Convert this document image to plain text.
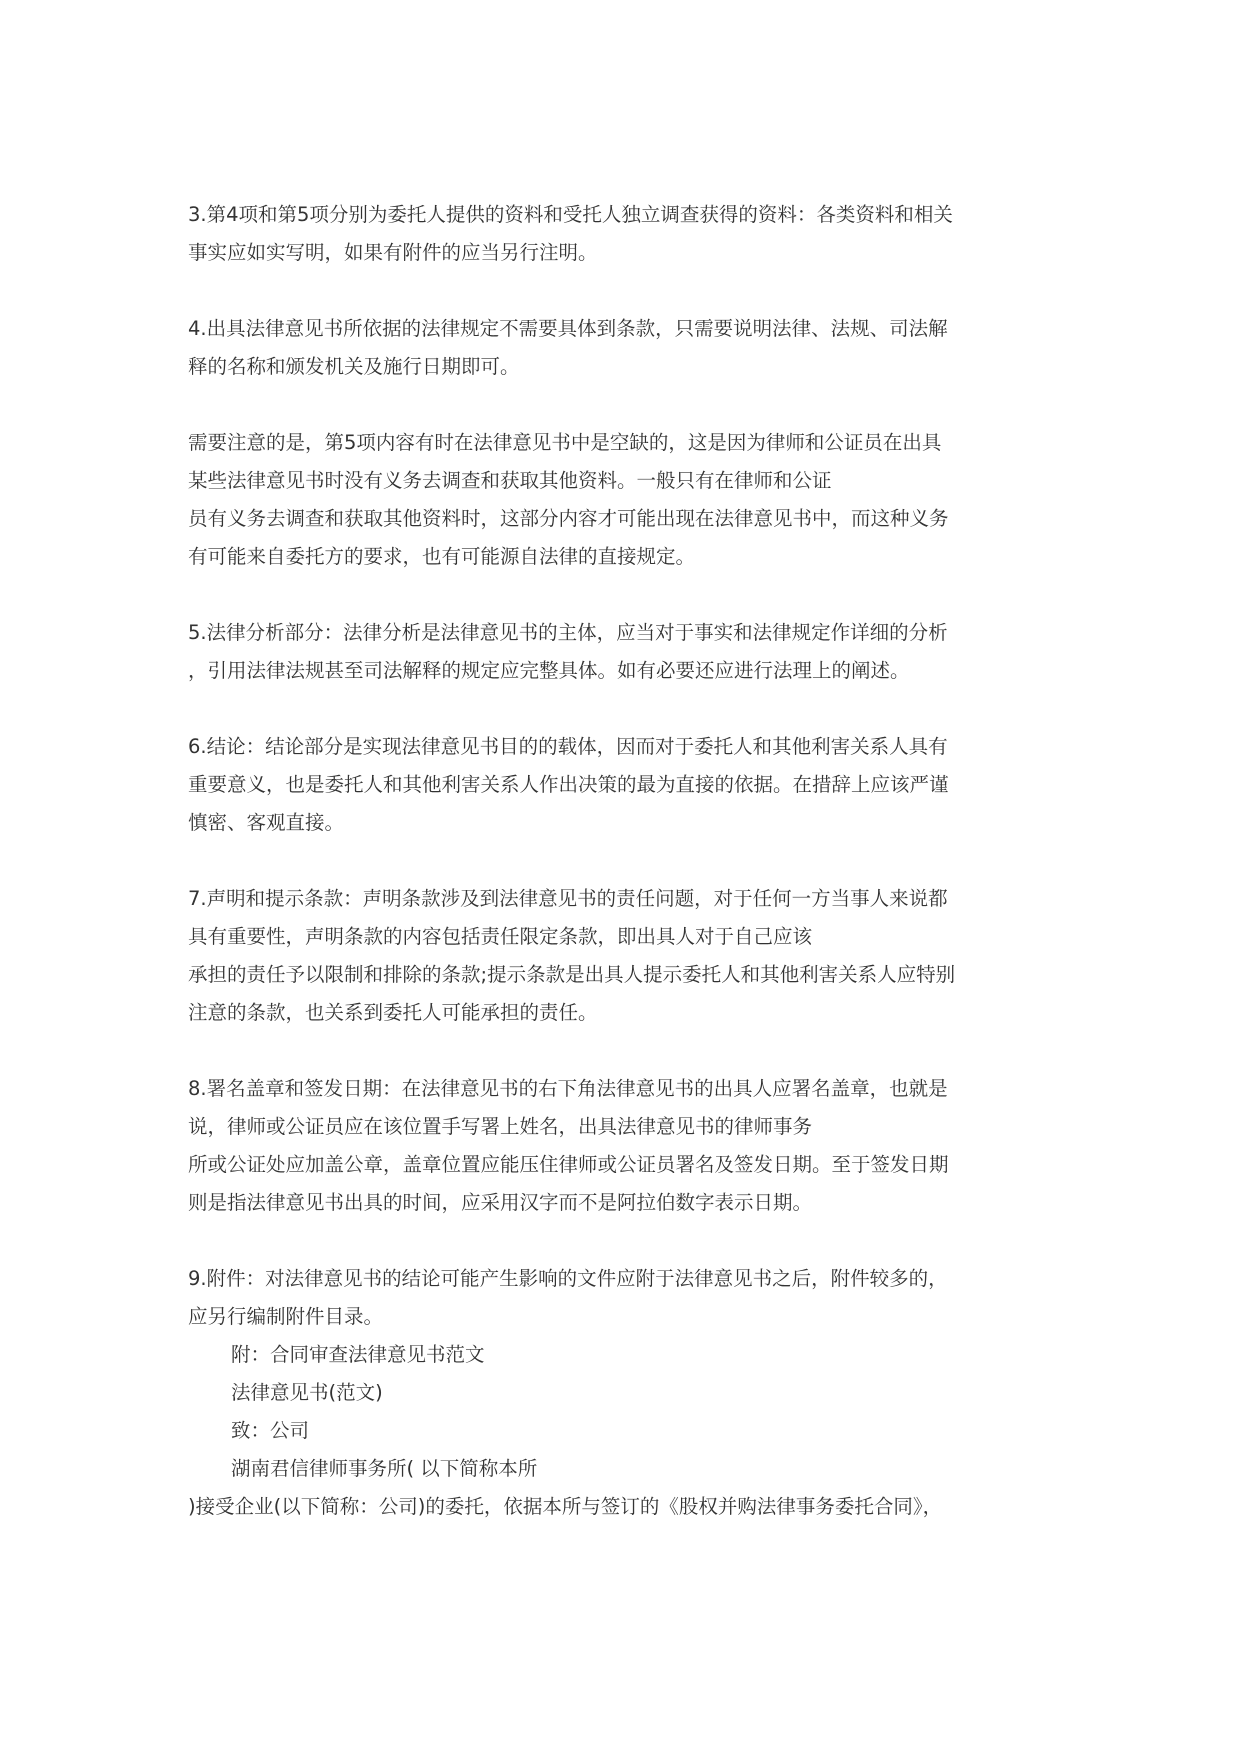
3.第4项和第5项分别为委托人提供的资料和受托人独立调查获得的资料：各类资料和相关
事实应如实写明，如果有附件的应当另行注明。
4.出具法律意见书所依据的法律规定不需要具体到条款，只需要说明法律、法规、司法解
释的名称和颁发机关及施行日期即可。
需要注意的是，第5项内容有时在法律意见书中是空缺的，这是因为律师和公证员在出具
某些法律意见书时没有义务去调查和获取其他资料。一般只有在律师和公证
员有义务去调查和获取其他资料时，这部分内容才可能出现在法律意见书中，而这种义务
有可能来自委托方的要求，也有可能源自法律的直接规定。
5.法律分析部分：法律分析是法律意见书的主体，应当对于事实和法律规定作详细的分析
，引用法律法规甚至司法解释的规定应完整具体。如有必要还应进行法理上的阐述。
6.结论：结论部分是实现法律意见书目的的载体，因而对于委托人和其他利害关系人具有
重要意义，也是委托人和其他利害关系人作出决策的最为直接的依据。在措辞上应该严谨
慎密、客观直接。
7.声明和提示条款：声明条款涉及到法律意见书的责任问题，对于任何一方当事人来说都
具有重要性，声明条款的内容包括责任限定条款，即出具人对于自己应该
承担的责任予以限制和排除的条款;提示条款是出具人提示委托人和其他利害关系人应特别
注意的条款，也关系到委托人可能承担的责任。
8.署名盖章和签发日期：在法律意见书的右下角法律意见书的出具人应署名盖章，也就是
说，律师或公证员应在该位置手写署上姓名，出具法律意见书的律师事务
所或公证处应加盖公章，盖章位置应能压住律师或公证员署名及签发日期。至于签发日期
则是指法律意见书出具的时间，应采用汉字而不是阿拉伯数字表示日期。
9.附件：对法律意见书的结论可能产生影响的文件应附于法律意见书之后，附件较多的，
应另行编制附件目录。
附：合同审查法律意见书范文
法律意见书(范文)
致：公司
湖南君信律师事务所( 以下简称本所
)接受企业(以下简称：公司)的委托，依据本所与签订的《股权并购法律事务委托合同》，
